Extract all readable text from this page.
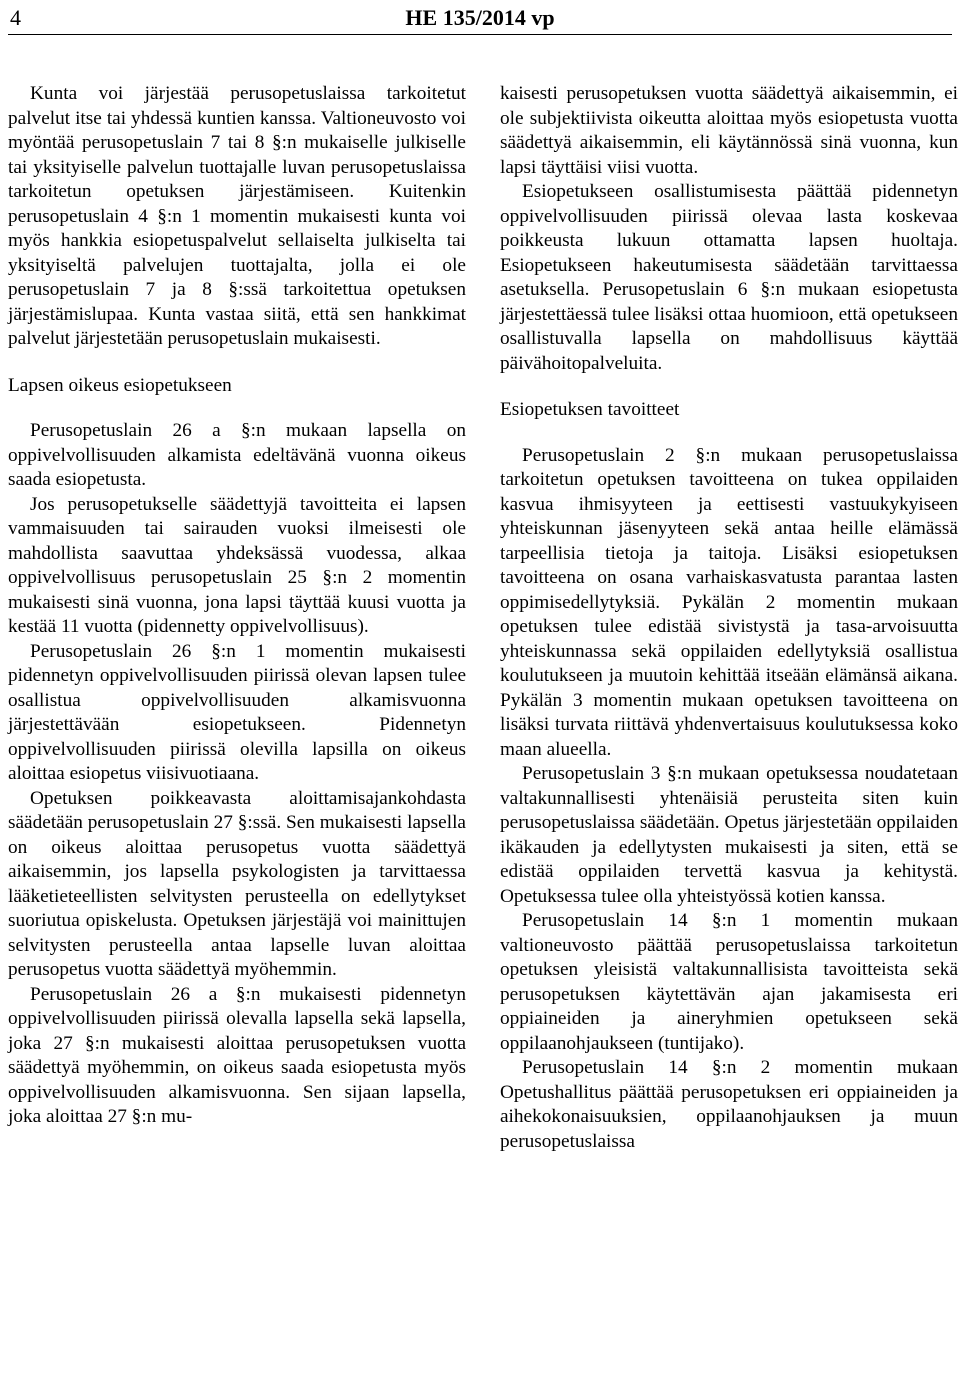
4	HE 135/2014 vp

Kunta voi järjestää perusopetuslaissa tarkoitetut palvelut itse tai yhdessä kuntien kanssa. Valtioneuvosto voi myöntää perusopetuslain 7 tai 8 §:n mukaiselle julkiselle tai yksityiselle palvelun tuottajalle luvan perusopetuslaissa tarkoitetun opetuksen järjestämiseen. Kuitenkin perusopetuslain 4 §:n 1 momentin mukaisesti kunta voi myös hankkia esiopetuspalvelut sellaiselta julkiselta tai yksityiseltä palvelujen tuottajalta, jolla ei ole perusopetuslain 7 ja 8 §:ssä tarkoitettua opetuksen järjestämislupaa. Kunta vastaa siitä, että sen hankkimat palvelut järjestetään perusopetuslain mukaisesti.

Lapsen oikeus esiopetukseen

Perusopetuslain 26 a §:n mukaan lapsella on oppivelvollisuuden alkamista edeltävänä vuonna oikeus saada esiopetusta.

Jos perusopetukselle säädettyjä tavoitteita ei lapsen vammaisuuden tai sairauden vuoksi ilmeisesti ole mahdollista saavuttaa yhdeksässä vuodessa, alkaa oppivelvollisuus perusopetuslain 25 §:n 2 momentin mukaisesti sinä vuonna, jona lapsi täyttää kuusi vuotta ja kestää 11 vuotta (pidennetty oppivelvollisuus).

Perusopetuslain 26 §:n 1 momentin mukaisesti pidennetyn oppivelvollisuuden piirissä olevan lapsen tulee osallistua oppivelvollisuuden alkamisvuonna järjestettävään esiopetukseen. Pidennetyn oppivelvollisuuden piirissä olevilla lapsilla on oikeus aloittaa esiopetus viisivuotiaana.

Opetuksen poikkeavasta aloittamisajankohdasta säädetään perusopetuslain 27 §:ssä. Sen mukaisesti lapsella on oikeus aloittaa perusopetus vuotta säädettyä aikaisemmin, jos lapsella psykologisten ja tarvittaessa lääketieteellisten selvitysten perusteella on edellytykset suoriutua opiskelusta. Opetuksen järjestäjä voi mainittujen selvitysten perusteella antaa lapselle luvan aloittaa perusopetus vuotta säädettyä myöhemmin.

Perusopetuslain 26 a §:n mukaisesti pidennetyn oppivelvollisuuden piirissä olevalla lapsella sekä lapsella, joka 27 §:n mukaisesti aloittaa perusopetuksen vuotta säädettyä myöhemmin, on oikeus saada esiopetusta myös oppivelvollisuuden alkamisvuonna. Sen sijaan lapsella, joka aloittaa 27 §:n mu-

kaisesti perusopetuksen vuotta säädettyä aikaisemmin, ei ole subjektiivista oikeutta aloittaa myös esiopetusta vuotta säädettyä aikaisemmin, eli käytännössä sinä vuonna, kun lapsi täyttäisi viisi vuotta.

Esiopetukseen osallistumisesta päättää pidennetyn oppivelvollisuuden piirissä olevaa lasta koskevaa poikkeusta lukuun ottamatta lapsen huoltaja. Esiopetukseen hakeutumisesta säädetään tarvittaessa asetuksella. Perusopetuslain 6 §:n mukaan esiopetusta järjestettäessä tulee lisäksi ottaa huomioon, että opetukseen osallistuvalla lapsella on mahdollisuus käyttää päivähoitopalveluita.

Esiopetuksen tavoitteet

Perusopetuslain 2 §:n mukaan perusopetuslaissa tarkoitetun opetuksen tavoitteena on tukea oppilaiden kasvua ihmisyyteen ja eettisesti vastuukykyiseen yhteiskunnan jäsenyyteen sekä antaa heille elämässä tarpeellisia tietoja ja taitoja. Lisäksi esiopetuksen tavoitteena on osana varhaiskasvatusta parantaa lasten oppimisedellytyksiä. Pykälän 2 momentin mukaan opetuksen tulee edistää sivistystä ja tasa-arvoisuutta yhteiskunnassa sekä oppilaiden edellytyksiä osallistua koulutukseen ja muutoin kehittää itseään elämänsä aikana. Pykälän 3 momentin mukaan opetuksen tavoitteena on lisäksi turvata riittävä yhdenvertaisuus koulutuksessa koko maan alueella.

Perusopetuslain 3 §:n mukaan opetuksessa noudatetaan valtakunnallisesti yhtenäisiä perusteita siten kuin perusopetuslaissa säädetään. Opetus järjestetään oppilaiden ikäkauden ja edellytysten mukaisesti ja siten, että se edistää oppilaiden tervettä kasvua ja kehitystä. Opetuksessa tulee olla yhteistyössä kotien kanssa.

Perusopetuslain 14 §:n 1 momentin mukaan valtioneuvosto päättää perusopetuslaissa tarkoitetun opetuksen yleisistä valtakunnallisista tavoitteista sekä perusopetuksen käytettävän ajan jakamisesta eri oppiaineiden ja aineryhmien opetukseen sekä oppilaanohjaukseen (tuntijako).

Perusopetuslain 14 §:n 2 momentin mukaan Opetushallitus päättää perusopetuksen eri oppiaineiden ja aihekokonaisuuksien, oppilaanohjauksen ja muun perusopetuslaissa
